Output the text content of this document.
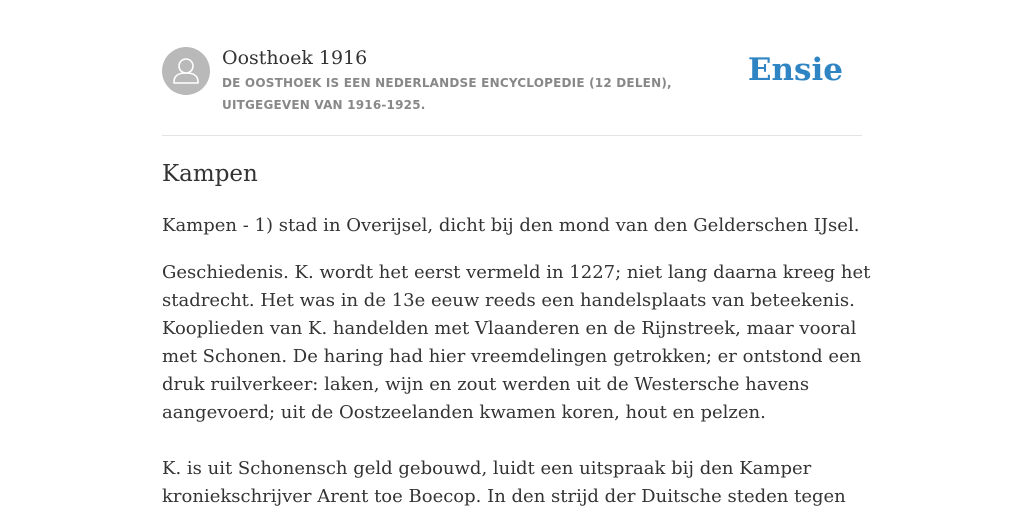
Oosthoek 1916
DE OOSTHOEK IS EEN NEDERLANDSE ENCYCLOPEDIE (12 DELEN), UITGEGEVEN VAN 1916-1925.
Ensie
Kampen

Kampen - 1) stad in Overijsel, dicht bij den mond van den Gelderschen IJsel.

Geschiedenis. K. wordt het eerst vermeld in 1227; niet lang daarna kreeg het stadrecht. Het was in de 13e eeuw reeds een handelsplaats van beteekenis. Kooplieden van K. handelden met Vlaanderen en de Rijnstreek, maar vooral met Schonen. De haring had hier vreemdelingen getrokken; er ontstond een druk ruilverkeer: laken, wijn en zout werden uit de Westersche havens aangevoerd; uit de Oostzeelanden kwamen koren, hout en pelzen.

K. is uit Schonensch geld gebouwd, luidt een uitspraak bij den Kamper kroniekschrijver Arent toe Boecop. In den strijd der Duitsche steden tegen
